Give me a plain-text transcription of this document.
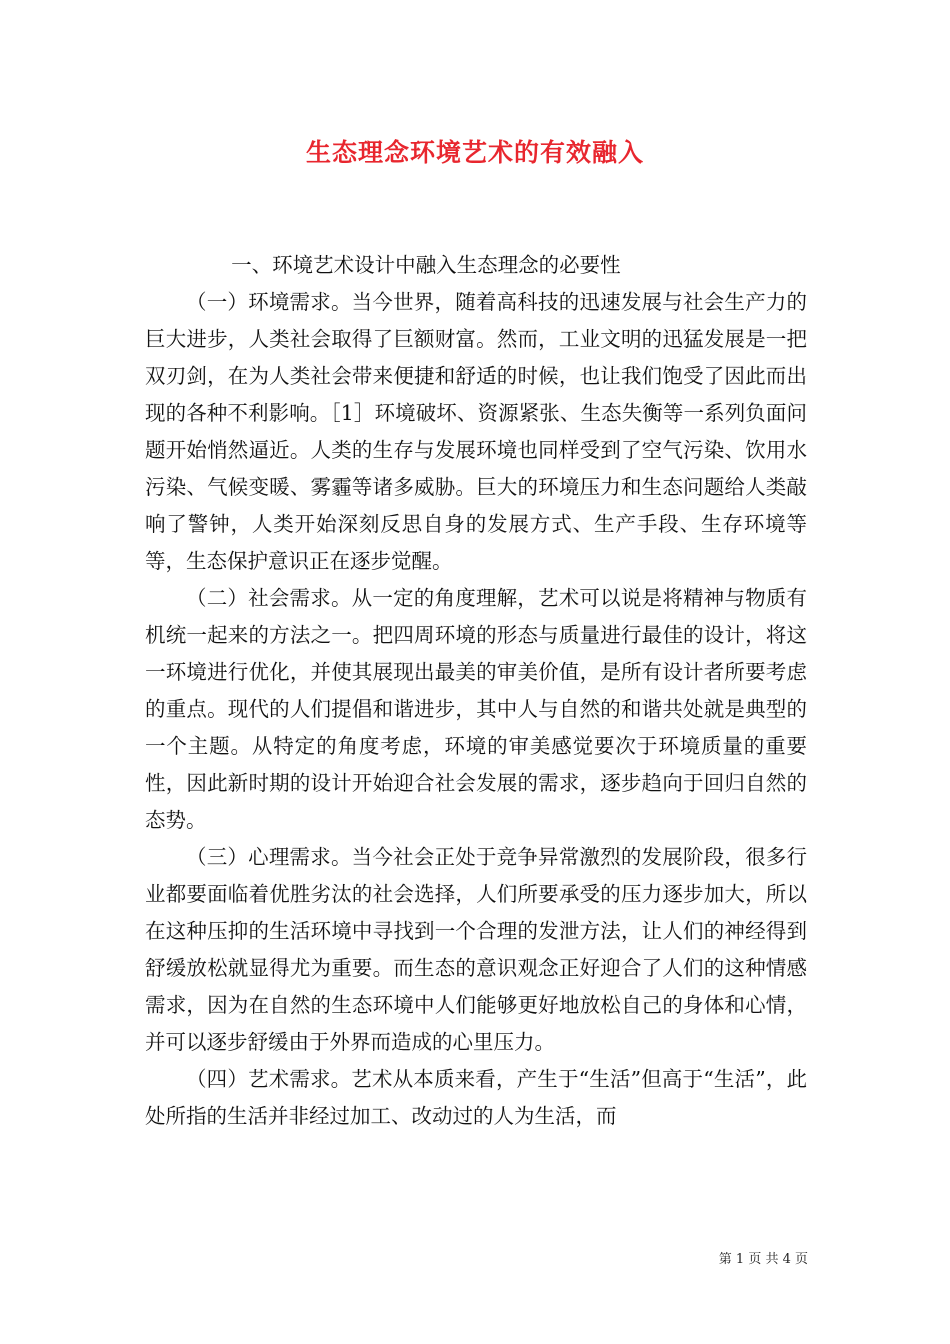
生态理念环境艺术的有效融入

一、环境艺术设计中融入生态理念的必要性

（一）环境需求。当今世界，随着高科技的迅速发展与社会生产力的巨大进步，人类社会取得了巨额财富。然而，工业文明的迅猛发展是一把双刃剑，在为人类社会带来便捷和舒适的时候，也让我们饱受了因此而出现的各种不利影响。［1］环境破坏、资源紧张、生态失衡等一系列负面问题开始悄然逼近。人类的生存与发展环境也同样受到了空气污染、饮用水污染、气候变暖、雾霾等诸多威胁。巨大的环境压力和生态问题给人类敲响了警钟，人类开始深刻反思自身的发展方式、生产手段、生存环境等等，生态保护意识正在逐步觉醒。

（二）社会需求。从一定的角度理解，艺术可以说是将精神与物质有机统一起来的方法之一。把四周环境的形态与质量进行最佳的设计，将这一环境进行优化，并使其展现出最美的审美价值，是所有设计者所要考虑的重点。现代的人们提倡和谐进步，其中人与自然的和谐共处就是典型的一个主题。从特定的角度考虑，环境的审美感觉要次于环境质量的重要性，因此新时期的设计开始迎合社会发展的需求，逐步趋向于回归自然的态势。

（三）心理需求。当今社会正处于竞争异常激烈的发展阶段，很多行业都要面临着优胜劣汰的社会选择，人们所要承受的压力逐步加大，所以在这种压抑的生活环境中寻找到一个合理的发泄方法，让人们的神经得到舒缓放松就显得尤为重要。而生态的意识观念正好迎合了人们的这种情感需求，因为在自然的生态环境中人们能够更好地放松自己的身体和心情，并可以逐步舒缓由于外界而造成的心里压力。

（四）艺术需求。艺术从本质来看，产生于“生活”但高于“生活”，此处所指的生活并非经过加工、改动过的人为生活，而

第 1 页 共 4 页
